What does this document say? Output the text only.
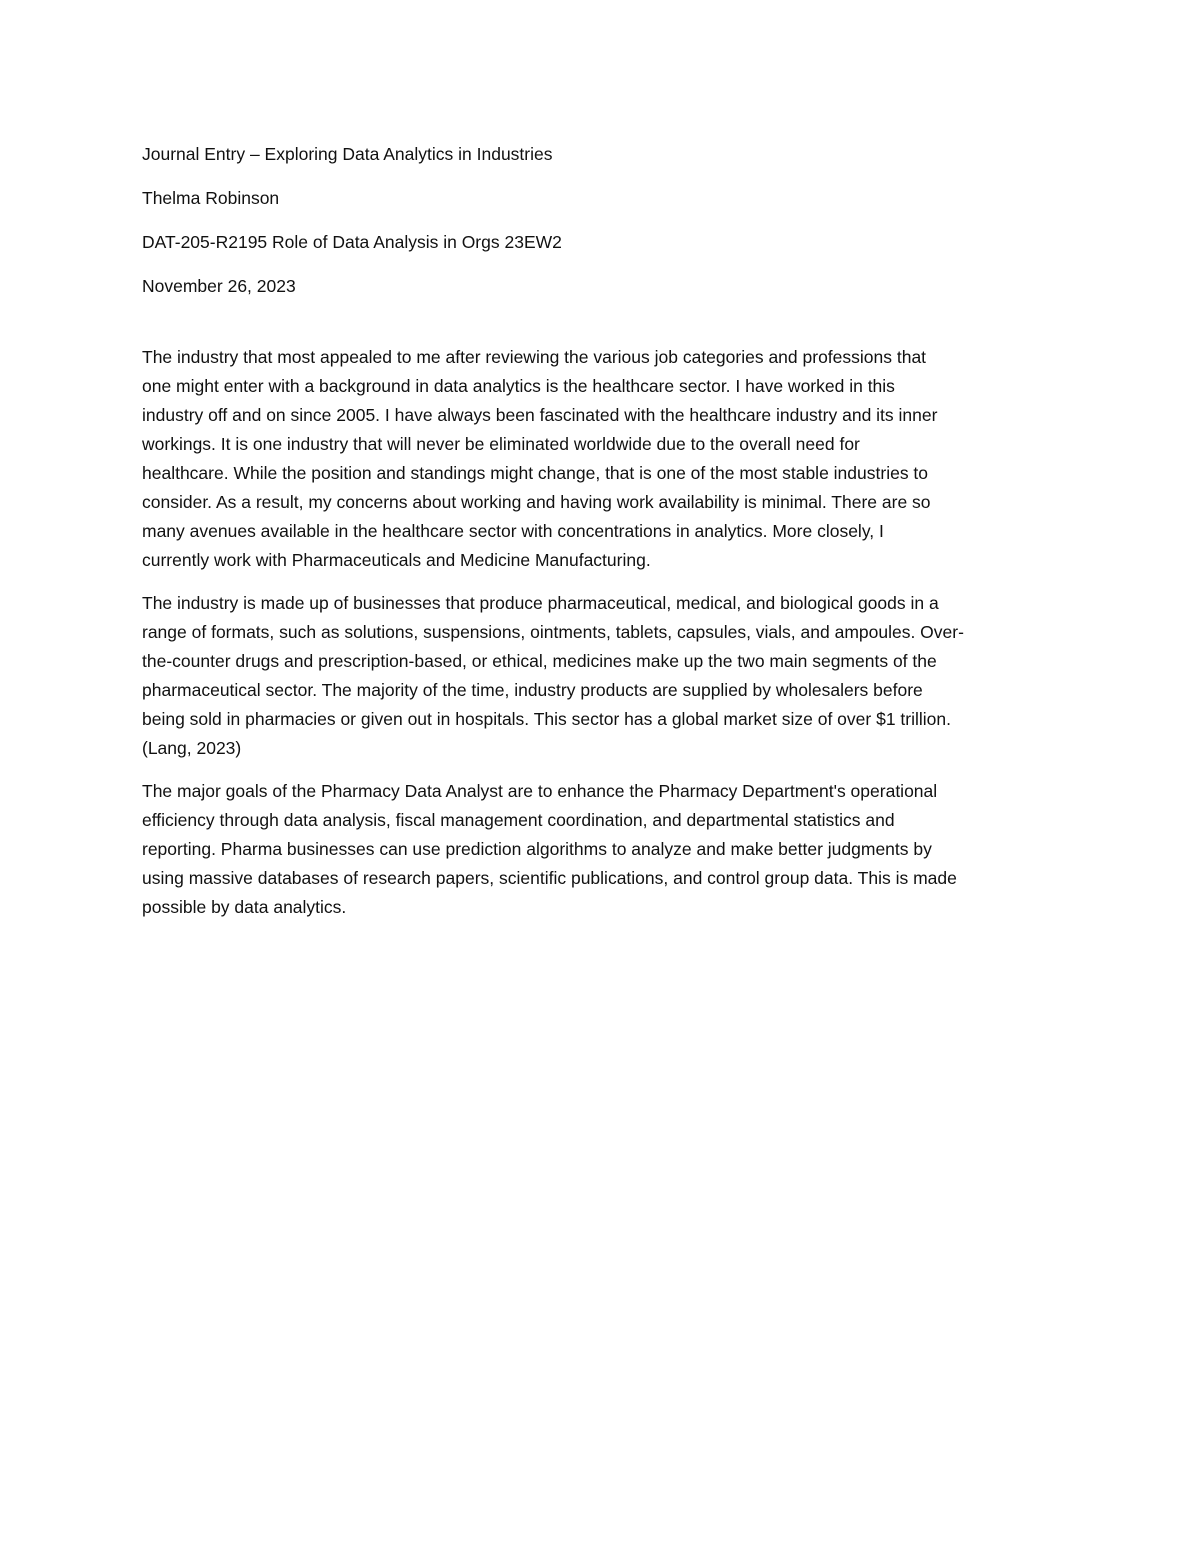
Journal Entry – Exploring Data Analytics in Industries
Thelma Robinson
DAT-205-R2195 Role of Data Analysis in Orgs 23EW2
November 26, 2023
The industry that most appealed to me after reviewing the various job categories and professions that
one might enter with a background in data analytics is the healthcare sector. I have worked in this
industry off and on since 2005. I have always been fascinated with the healthcare industry and its inner
workings. It is one industry that will never be eliminated worldwide due to the overall need for
healthcare. While the position and standings might change, that is one of the most stable industries to
consider. As a result, my concerns about working and having work availability is minimal. There are so
many avenues available in the healthcare sector with concentrations in analytics. More closely, I
currently work with Pharmaceuticals and Medicine Manufacturing.
The industry is made up of businesses that produce pharmaceutical, medical, and biological goods in a
range of formats, such as solutions, suspensions, ointments, tablets, capsules, vials, and ampoules. Over-
the-counter drugs and prescription-based, or ethical, medicines make up the two main segments of the
pharmaceutical sector. The majority of the time, industry products are supplied by wholesalers before
being sold in pharmacies or given out in hospitals. This sector has a global market size of over $1 trillion.
(Lang, 2023)
The major goals of the Pharmacy Data Analyst are to enhance the Pharmacy Department's operational
efficiency through data analysis, fiscal management coordination, and departmental statistics and
reporting. Pharma businesses can use prediction algorithms to analyze and make better judgments by
using massive databases of research papers, scientific publications, and control group data. This is made
possible by data analytics.
